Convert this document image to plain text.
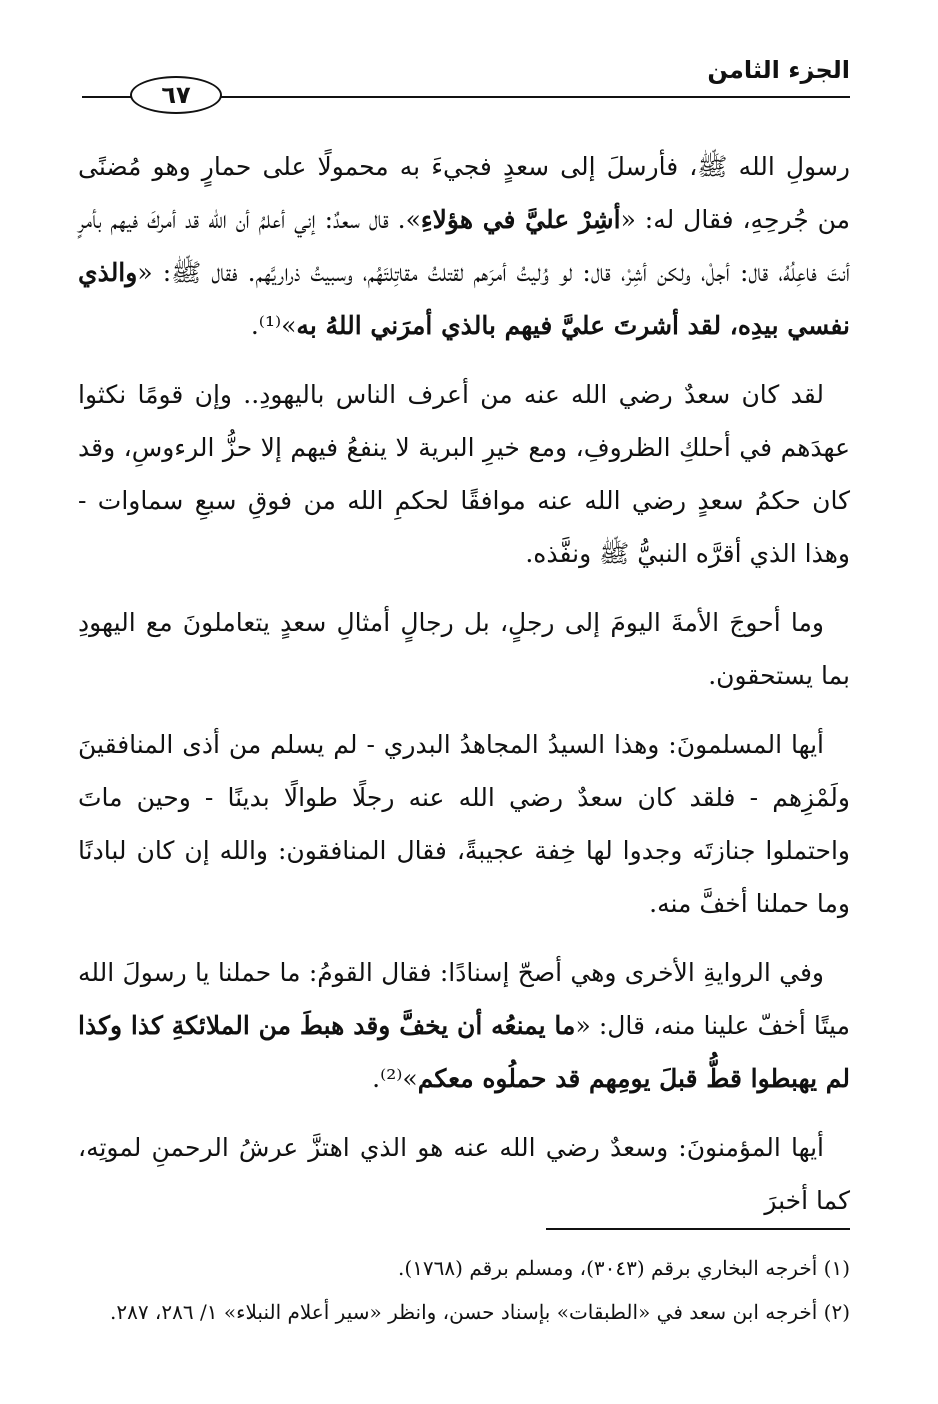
الجزء الثامن
٦٧

رسولِ الله ﷺ، فأرسلَ إلى سعدٍ فجيءَ به محمولًا على حمارٍ وهو مُضنًى من جُرحِهِ، فقال له: «أشِرْ عليَّ في هؤلاءِ». قال سعدٌ: إني أعلمُ أن الله قد أمركَ فيهم بأمرٍ أنتَ فاعِلُهُ، قال: أجلْ، ولكن أشِرْ، قال: لو وُليتُ أمرَهم لقتلتُ مقاتِلتَهُم، وسبيتُ ذراريَّهم. فقال ﷺ: «والذي نفسي بيدِه، لقد أشرتَ عليَّ فيهم بالذي أمرَني اللهُ به»⁽¹⁾.

لقد كان سعدٌ رضي الله عنه من أعرف الناس باليهودِ.. وإن قومًا نكثوا عهدَهم في أحلكِ الظروفِ، ومع خيرِ البرية لا ينفعُ فيهم إلا حزُّ الرءوسِ، وقد كان حكمُ سعدٍ رضي الله عنه موافقًا لحكمِ الله من فوقِ سبعِ سماوات - وهذا الذي أقرَّه النبيُّ ﷺ ونفَّذه.

وما أحوجَ الأمةَ اليومَ إلى رجلٍ، بل رجالٍ أمثالِ سعدٍ يتعاملونَ مع اليهودِ بما يستحقون.

أيها المسلمونَ: وهذا السيدُ المجاهدُ البدري - لم يسلم من أذى المنافقينَ ولَمْزِهم - فلقد كان سعدٌ رضي الله عنه رجلًا طوالًا بدينًا - وحين ماتَ واحتملوا جنازتَه وجدوا لها خِفة عجيبةً، فقال المنافقون: والله إن كان لبادنًا وما حملنا أخفَّ منه.

وفي الروايةِ الأخرى وهي أصحّ إسنادًا: فقال القومُ: ما حملنا يا رسولَ الله ميتًا أخفّ علينا منه، قال: «ما يمنعُه أن يخفَّ وقد هبطَ من الملائكةِ كذا وكذا لم يهبطوا قطُّ قبلَ يومِهم قد حملُوه معكم»⁽²⁾.

أيها المؤمنونَ: وسعدٌ رضي الله عنه هو الذي اهتزَّ عرشُ الرحمنِ لموتِه، كما أخبرَ

(١) أخرجه البخاري برقم (٣٠٤٣)، ومسلم برقم (١٧٦٨).
(٢) أخرجه ابن سعد في «الطبقات» بإسناد حسن، وانظر «سير أعلام النبلاء» ١/ ٢٨٦، ٢٨٧.
